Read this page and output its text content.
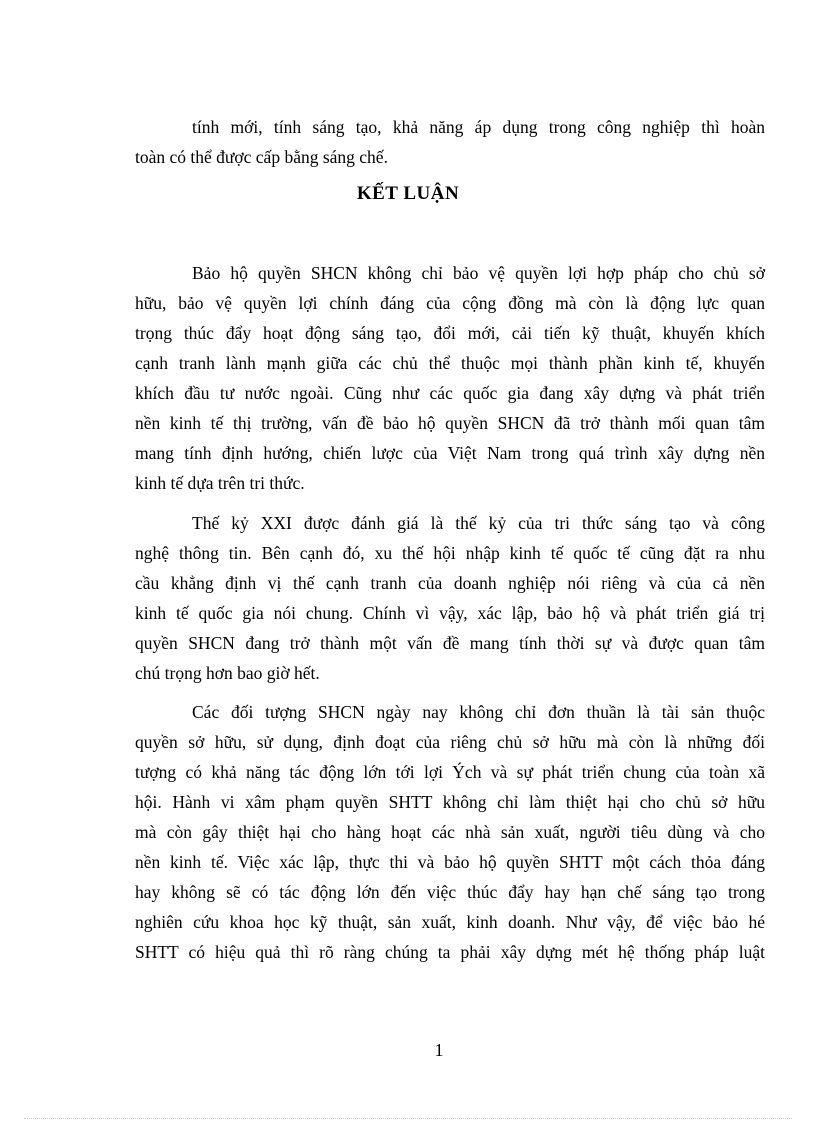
tính mới, tính sáng tạo, khả năng áp dụng trong công nghiệp thì hoàn
toàn có thể được cấp bằng sáng chế.
KẾT LUẬN
Bảo hộ quyền SHCN không chỉ bảo vệ quyền lợi hợp pháp cho chủ sở
hữu, bảo vệ quyền lợi chính đáng của cộng đồng mà còn là động lực quan
trọng thúc đẩy hoạt động sáng tạo, đổi mới, cải tiến kỹ thuật, khuyến khích
cạnh tranh lành mạnh giữa các chủ thể thuộc mọi thành phần kinh tế, khuyến
khích đầu tư nước ngoài. Cũng như các quốc gia đang xây dựng và phát triển
nền kinh tế thị trường, vấn đề bảo hộ quyền SHCN đã trở thành mối quan tâm
mang tính định hướng, chiến lược của Việt Nam trong quá trình xây dựng nền
kinh tế dựa trên tri thức.
Thế kỷ XXI được đánh giá là thế kỷ của tri thức sáng tạo và công
nghệ thông tin. Bên cạnh đó, xu thế hội nhập kinh tế quốc tế cũng đặt ra nhu
cầu khẳng định vị thế cạnh tranh của doanh nghiệp nói riêng và của cả nền
kinh tế quốc gia nói chung. Chính vì vậy, xác lập, bảo hộ và phát triển giá trị
quyền SHCN đang trở thành một vấn đề mang tính thời sự và được quan tâm
chú trọng hơn bao giờ hết.
Các đối tượng SHCN ngày nay không chỉ đơn thuần là tài sản thuộc
quyền sở hữu, sử dụng, định đoạt của riêng chủ sở hữu mà còn là những đối
tượng có khả năng tác động lớn tới lợi Ých và sự phát triển chung của toàn xã
hội. Hành vi xâm phạm quyền SHTT không chỉ làm thiệt hại cho chủ sở hữu
mà còn gây thiệt hại cho hàng hoạt các nhà sản xuất, người tiêu dùng và cho
nền kinh tế. Việc xác lập, thực thi và bảo hộ quyền SHTT một cách thỏa đáng
hay không sẽ có tác động lớn đến việc thúc đẩy hay hạn chế sáng tạo trong
nghiên cứu khoa học kỹ thuật, sản xuất, kinh doanh. Như vậy, để việc bảo hé
SHTT có hiệu quả thì rõ ràng chúng ta phải xây dựng mét hệ thống pháp luật
1
